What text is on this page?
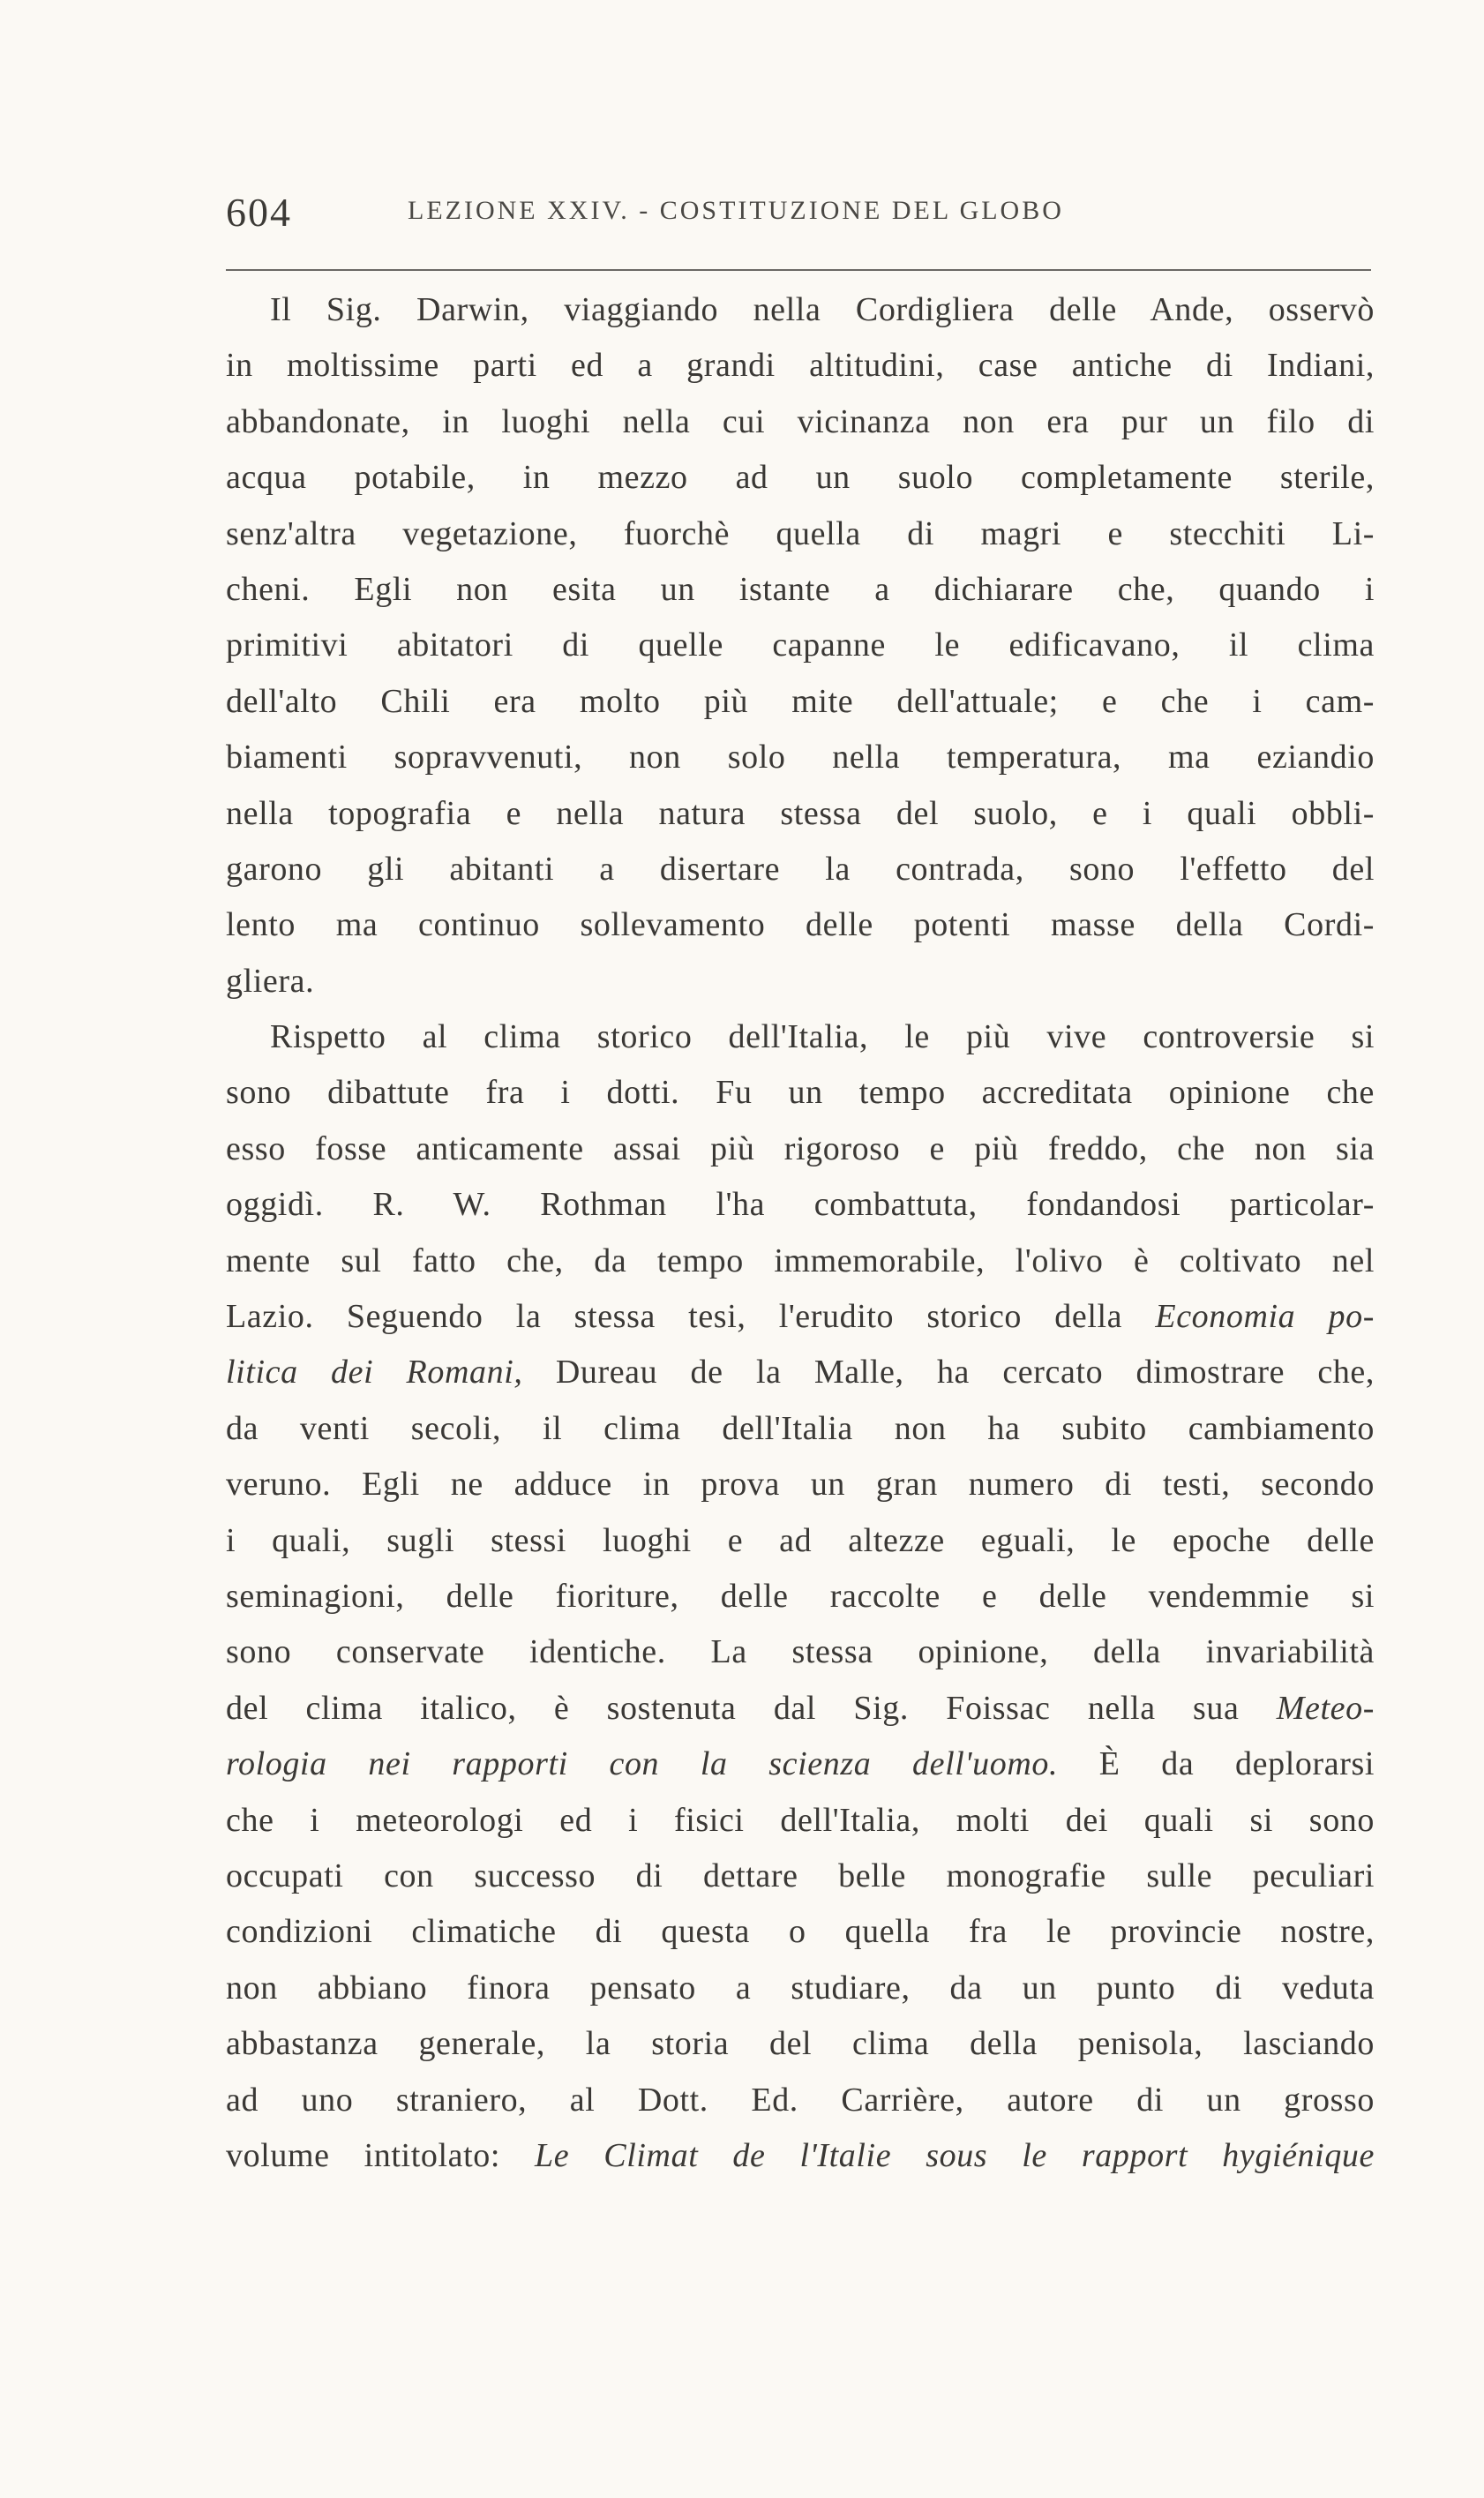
604	LEZIONE XXIV. - COSTITUZIONE DEL GLOBO
Il Sig. Darwin, viaggiando nella Cordigliera delle Ande, osservò
in moltissime parti ed a grandi altitudini, case antiche di Indiani,
abbandonate, in luoghi nella cui vicinanza non era pur un filo di
acqua potabile, in mezzo ad un suolo completamente sterile,
senz'altra vegetazione, fuorchè quella di magri e stecchiti Li-
cheni. Egli non esita un istante a dichiarare che, quando i
primitivi abitatori di quelle capanne le edificavano, il clima
dell'alto Chili era molto più mite dell'attuale; e che i cam-
biamenti sopravvenuti, non solo nella temperatura, ma eziandio
nella topografia e nella natura stessa del suolo, e i quali obbli-
garono gli abitanti a disertare la contrada, sono l'effetto del
lento ma continuo sollevamento delle potenti masse della Cordi-
gliera.
Rispetto al clima storico dell'Italia, le più vive controversie si
sono dibattute fra i dotti. Fu un tempo accreditata opinione che
esso fosse anticamente assai più rigoroso e più freddo, che non sia
oggidì. R. W. Rothman l'ha combattuta, fondandosi particolar-
mente sul fatto che, da tempo immemorabile, l'olivo è coltivato nel
Lazio. Seguendo la stessa tesi, l'erudito storico della Economia po-
litica dei Romani, Dureau de la Malle, ha cercato dimostrare che,
da venti secoli, il clima dell'Italia non ha subito cambiamento
veruno. Egli ne adduce in prova un gran numero di testi, secondo
i quali, sugli stessi luoghi e ad altezze eguali, le epoche delle
seminagioni, delle fioriture, delle raccolte e delle vendemmie si
sono conservate identiche. La stessa opinione, della invariabilità
del clima italico, è sostenuta dal Sig. Foissac nella sua Meteo-
rologia nei rapporti con la scienza dell'uomo. È da deplorarsi
che i meteorologi ed i fisici dell'Italia, molti dei quali si sono
occupati con successo di dettare belle monografie sulle peculiari
condizioni climatiche di questa o quella fra le provincie nostre,
non abbiano finora pensato a studiare, da un punto di veduta
abbastanza generale, la storia del clima della penisola, lasciando
ad uno straniero, al Dott. Ed. Carrière, autore di un grosso
volume intitolato: Le Climat de l'Italie sous le rapport hygiénique
